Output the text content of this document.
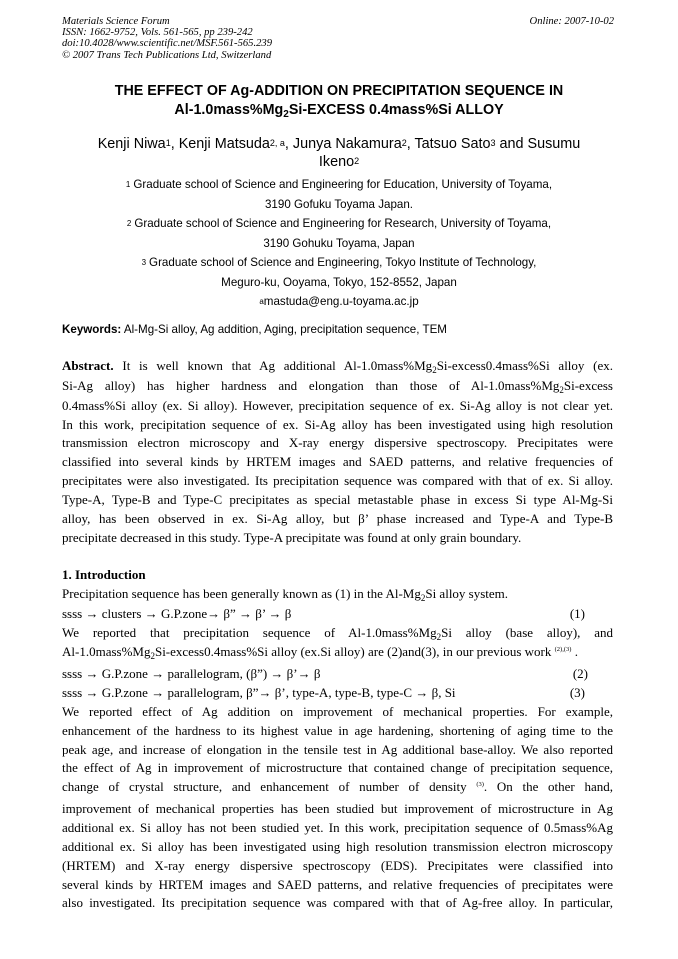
Materials Science Forum
ISSN: 1662-9752, Vols. 561-565, pp 239-242
doi:10.4028/www.scientific.net/MSF.561-565.239
© 2007 Trans Tech Publications Ltd, Switzerland
Online: 2007-10-02
THE EFFECT OF Ag-ADDITION ON PRECIPITATION SEQUENCE IN
$Al-1.0mass\%Mg_2Si$-EXCESS 0.4mass%Si ALLOY
Kenji Niwa$^1$, Kenji Matsuda$^{2, a}$, Junya Nakamura$^2$, Tatsuo Sato$^3$ and Susumu
Ikeno$^2$
$^1$ Graduate school of Science and Engineering for Education, University of Toyama,
3190 Gofuku Toyama Japan.
$^2$ Graduate school of Science and Engineering for Research, University of Toyama,
3190 Gohuku Toyama, Japan
$^3$ Graduate school of Science and Engineering, Tokyo Institute of Technology,
Meguro-ku, Ooyama, Tokyo, 152-8552, Japan
$^a$mastuda@eng.u-toyama.ac.jp
Keywords: Al-Mg-Si alloy, Ag addition, Aging, precipitation sequence, TEM
Abstract. It is well known that Ag additional $Al-1.0mass\%Mg_2Si-excess0.4mass\%Si$ alloy (ex.
Si-Ag alloy) has higher hardness and elongation than those of $Al-1.0mass\%Mg_2Si$-excess
0.4mass%Si alloy (ex. Si alloy). However, precipitation sequence of ex. Si-Ag alloy is not clear yet.
In this work, precipitation sequence of ex. Si-Ag alloy has been investigated using high resolution
transmission electron microscopy and X-ray energy dispersive spectroscopy. Precipitates were
classified into several kinds by HRTEM images and SAED patterns, and relative frequencies of
precipitates were also investigated. Its precipitation sequence was compared with that of ex. Si alloy.
Type-A, Type-B and Type-C precipitates as special metastable phase in excess Si type Al-Mg-Si
alloy, has been observed in ex. Si-Ag alloy, but β’ phase increased and Type-A and Type-B
precipitate decreased in this study. Type-A precipitate was found at only grain boundary.
1. Introduction
Precipitation sequence has been generally known as (1) in the $Al-Mg_2Si$ alloy system.
ssss → clusters → G.P.zone→ β” → β’ → β	(1)
We reported that precipitation sequence of $Al-1.0mass\%Mg_2Si$ alloy (base alloy), and
$Al-1.0mass\%Mg_2Si-excess0.4mass\%Si$ alloy (ex.Si alloy) are (2)and(3), in our previous work $^{(2),(3)}$ .
ssss → G.P.zone → parallelogram, (β”) → β’→ β	(2)
ssss → G.P.zone → parallelogram, β”→ β’, type-A, type-B, type-C → β, Si	(3)
We reported effect of Ag addition on improvement of mechanical properties. For example,
enhancement of the hardness to its highest value in age hardening, shortening of aging time to the
peak age, and increase of elongation in the tensile test in Ag additional base-alloy. We also reported
the effect of Ag in improvement of microstructure that contained change of precipitation sequence,
change of crystal structure, and enhancement of number of density $^{(3)}$. On the other hand,
improvement of mechanical properties has been studied but improvement of microstructure in Ag
additional ex. Si alloy has not been studied yet. In this work, precipitation sequence of 0.5mass%Ag
additional ex. Si alloy has been investigated using high resolution transmission electron microscopy
(HRTEM) and X-ray energy dispersive spectroscopy (EDS). Precipitates were classified into
several kinds by HRTEM images and SAED patterns, and relative frequencies of precipitates were
also investigated. Its precipitation sequence was compared with that of Ag-free alloy. In particular,
